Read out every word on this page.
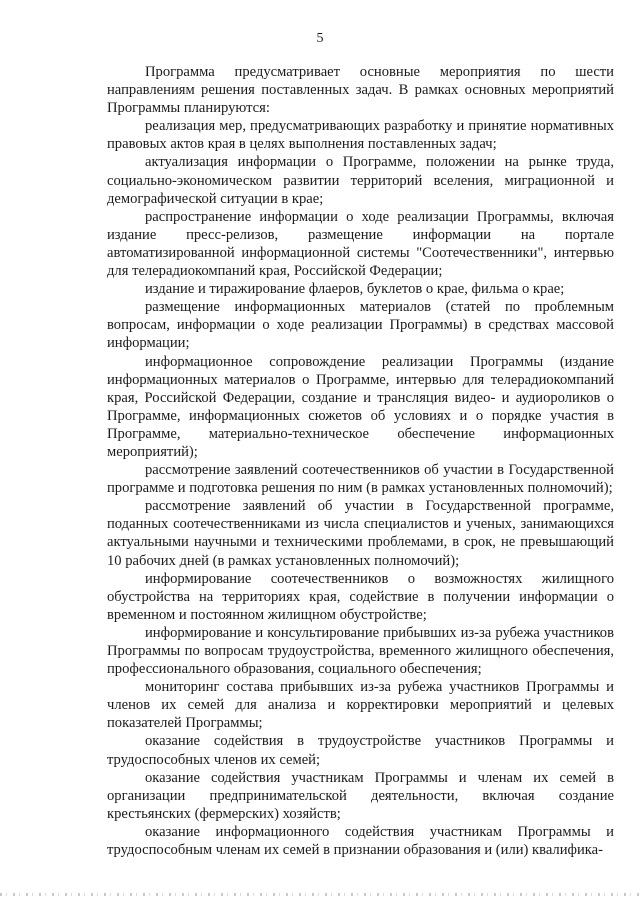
5

Программа предусматривает основные мероприятия по шести направлениям решения поставленных задач. В рамках основных мероприятий Программы планируются:

реализация мер, предусматривающих разработку и принятие нормативных правовых актов края в целях выполнения поставленных задач;

актуализация информации о Программе, положении на рынке труда, социально-экономическом развитии территорий вселения, миграционной и демографической ситуации в крае;

распространение информации о ходе реализации Программы, включая издание пресс-релизов, размещение информации на портале автоматизированной информационной системы "Соотечественники", интервью для телерадиокомпаний края, Российской Федерации;

издание и тиражирование флаеров, буклетов о крае, фильма о крае;

размещение информационных материалов (статей по проблемным вопросам, информации о ходе реализации Программы) в средствах массовой информации;

информационное сопровождение реализации Программы (издание информационных материалов о Программе, интервью для телерадиокомпаний края, Российской Федерации, создание и трансляция видео- и аудиороликов о Программе, информационных сюжетов об условиях и о порядке участия в Программе, материально-техническое обеспечение информационных мероприятий);

рассмотрение заявлений соотечественников об участии в Государственной программе и подготовка решения по ним (в рамках установленных полномочий);

рассмотрение заявлений об участии в Государственной программе, поданных соотечественниками из числа специалистов и ученых, занимающихся актуальными научными и техническими проблемами, в срок, не превышающий 10 рабочих дней (в рамках установленных полномочий);

информирование соотечественников о возможностях жилищного обустройства на территориях края, содействие в получении информации о временном и постоянном жилищном обустройстве;

информирование и консультирование прибывших из-за рубежа участников Программы по вопросам трудоустройства, временного жилищного обеспечения, профессионального образования, социального обеспечения;

мониторинг состава прибывших из-за рубежа участников Программы и членов их семей для анализа и корректировки мероприятий и целевых показателей Программы;

оказание содействия в трудоустройстве участников Программы и трудоспособных членов их семей;

оказание содействия участникам Программы и членам их семей в организации предпринимательской деятельности, включая создание крестьянских (фермерских) хозяйств;

оказание информационного содействия участникам Программы и трудоспособным членам их семей в признании образования и (или) квалифика-
